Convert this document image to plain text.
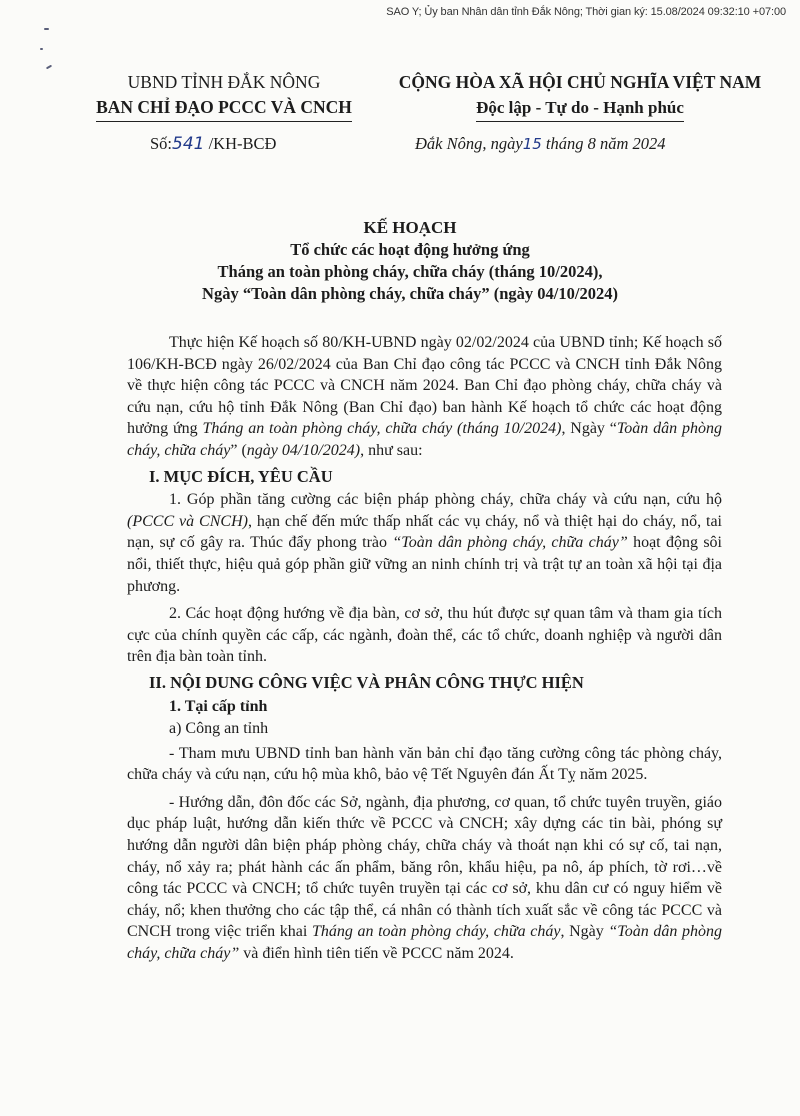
SAO Y; Ủy ban Nhân dân tỉnh Đắk Nông; Thời gian ký: 15.08/2024 09:32:10 +07:00
UBND TỈNH ĐẮK NÔNG
BAN CHỈ ĐẠO PCCC VÀ CNCH
CỘNG HÒA XÃ HỘI CHỦ NGHĨA VIỆT NAM
Độc lập - Tự do - Hạnh phúc
Số:541 /KH-BCĐ	Đắk Nông, ngày15 tháng 8 năm 2024
KẾ HOẠCH
Tổ chức các hoạt động hưởng ứng
Tháng an toàn phòng cháy, chữa cháy (tháng 10/2024),
Ngày “Toàn dân phòng cháy, chữa cháy” (ngày 04/10/2024)

Thực hiện Kế hoạch số 80/KH-UBND ngày 02/02/2024 của UBND tỉnh; Kế hoạch số 106/KH-BCĐ ngày 26/02/2024 của Ban Chỉ đạo công tác PCCC và CNCH tỉnh Đắk Nông về thực hiện công tác PCCC và CNCH năm 2024. Ban Chỉ đạo phòng cháy, chữa cháy và cứu nạn, cứu hộ tỉnh Đắk Nông (Ban Chỉ đạo) ban hành Kế hoạch tổ chức các hoạt động hưởng ứng Tháng an toàn phòng cháy, chữa cháy (tháng 10/2024), Ngày “Toàn dân phòng cháy, chữa cháy” (ngày 04/10/2024), như sau:

I. MỤC ĐÍCH, YÊU CẦU

1. Góp phần tăng cường các biện pháp phòng cháy, chữa cháy và cứu nạn, cứu hộ (PCCC và CNCH), hạn chế đến mức thấp nhất các vụ cháy, nổ và thiệt hại do cháy, nổ, tai nạn, sự cố gây ra. Thúc đẩy phong trào “Toàn dân phòng cháy, chữa cháy” hoạt động sôi nổi, thiết thực, hiệu quả góp phần giữ vững an ninh chính trị và trật tự an toàn xã hội tại địa phương.

2. Các hoạt động hướng về địa bàn, cơ sở, thu hút được sự quan tâm và tham gia tích cực của chính quyền các cấp, các ngành, đoàn thể, các tổ chức, doanh nghiệp và người dân trên địa bàn toàn tỉnh.

II. NỘI DUNG CÔNG VIỆC VÀ PHÂN CÔNG THỰC HIỆN

1. Tại cấp tỉnh

a) Công an tỉnh

- Tham mưu UBND tỉnh ban hành văn bản chỉ đạo tăng cường công tác phòng cháy, chữa cháy và cứu nạn, cứu hộ mùa khô, bảo vệ Tết Nguyên đán Ất Tỵ năm 2025.

- Hướng dẫn, đôn đốc các Sở, ngành, địa phương, cơ quan, tổ chức tuyên truyền, giáo dục pháp luật, hướng dẫn kiến thức về PCCC và CNCH; xây dựng các tin bài, phóng sự hướng dẫn người dân biện pháp phòng cháy, chữa cháy và thoát nạn khi có sự cố, tai nạn, cháy, nổ xảy ra; phát hành các ấn phẩm, băng rôn, khẩu hiệu, pa nô, áp phích, tờ rơi…về công tác PCCC và CNCH; tổ chức tuyên truyền tại các cơ sở, khu dân cư có nguy hiểm về cháy, nổ; khen thưởng cho các tập thể, cá nhân có thành tích xuất sắc về công tác PCCC và CNCH trong việc triển khai Tháng an toàn phòng cháy, chữa cháy, Ngày “Toàn dân phòng cháy, chữa cháy” và điển hình tiên tiến về PCCC năm 2024.
